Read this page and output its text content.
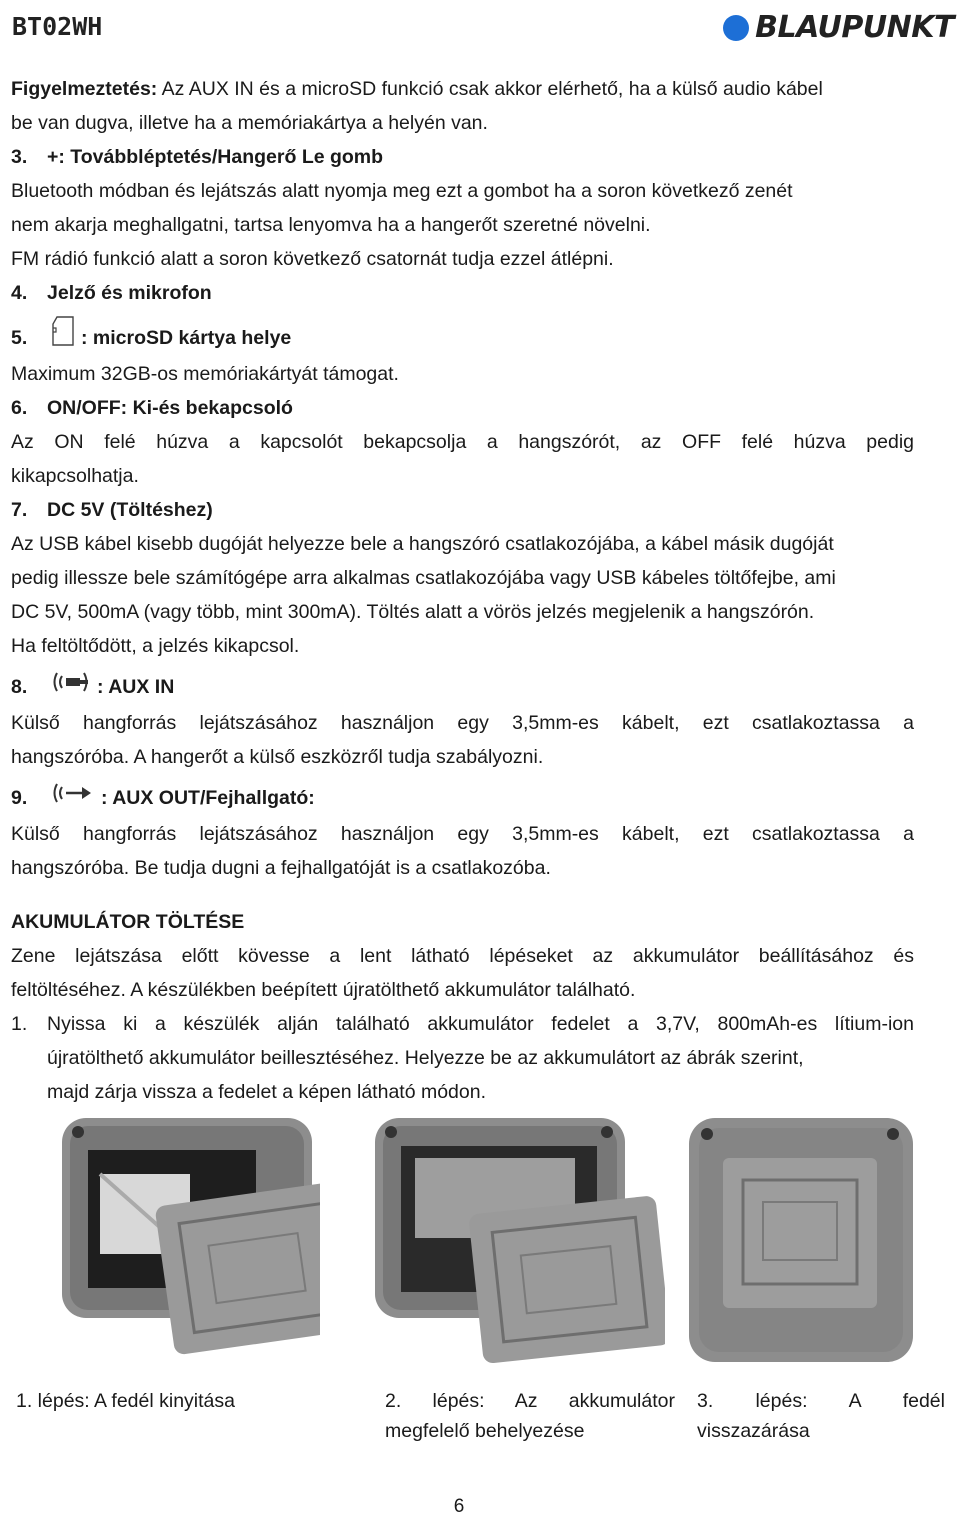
BT02WH	BLAUPUNKT

Figyelmeztetés: Az AUX IN és a microSD funkció csak akkor elérhető, ha a külső audio kábel

be van dugva, illetve ha a memóriakártya a helyén van.

3. +: Továbbléptetés/Hangerő Le gomb

Bluetooth módban és lejátszás alatt nyomja meg ezt a gombot ha a soron következő zenét

nem akarja meghallgatni, tartsa lenyomva ha a hangerőt szeretné növelni.

FM rádió funkció alatt a soron következő csatornát tudja ezzel átlépni.

4. Jelző és mikrofon

5.	: microSD kártya helye

Maximum 32GB-os memóriakártyát támogat.

6. ON/OFF: Ki-és bekapcsoló

Az ON felé húzva a kapcsolót bekapcsolja a hangszórót, az OFF felé húzva pedig

kikapcsolhatja.

7. DC 5V (Töltéshez)

Az USB kábel kisebb dugóját helyezze bele a hangszóró csatlakozójába, a kábel másik dugóját

pedig illessze bele számítógépe arra alkalmas csatlakozójába vagy USB kábeles töltőfejbe, ami

DC 5V, 500mA (vagy több, mint 300mA). Töltés alatt a vörös jelzés megjelenik a hangszórón.

Ha feltöltődött, a jelzés kikapcsol.

8.	: AUX IN

Külső hangforrás lejátszásához használjon egy 3,5mm-es kábelt, ezt csatlakoztassa a

hangszóróba. A hangerőt a külső eszközről tudja szabályozni.

9.	: AUX OUT/Fejhallgató:

Külső hangforrás lejátszásához használjon egy 3,5mm-es kábelt, ezt csatlakoztassa a

hangszóróba. Be tudja dugni a fejhallgatóját is a csatlakozóba.

AKUMULÁTOR TÖLTÉSE

Zene lejátszása előtt kövesse a lent látható lépéseket az akkumulátor beállításához és

feltöltéséhez. A készülékben beépített újratölthető akkumulátor található.

1. Nyissa ki a készülék alján található akkumulátor fedelet a 3,7V, 800mAh-es lítium-ion

újratölthető akkumulátor beillesztéséhez. Helyezze be az akkumulátort az ábrák szerint,

majd zárja vissza a fedelet a képen látható módon.

1. lépés: A fedél kinyitása	2. lépés: Az akkumulátor
megfelelő behelyezése
3. lépés: A fedél
visszazárása
6
